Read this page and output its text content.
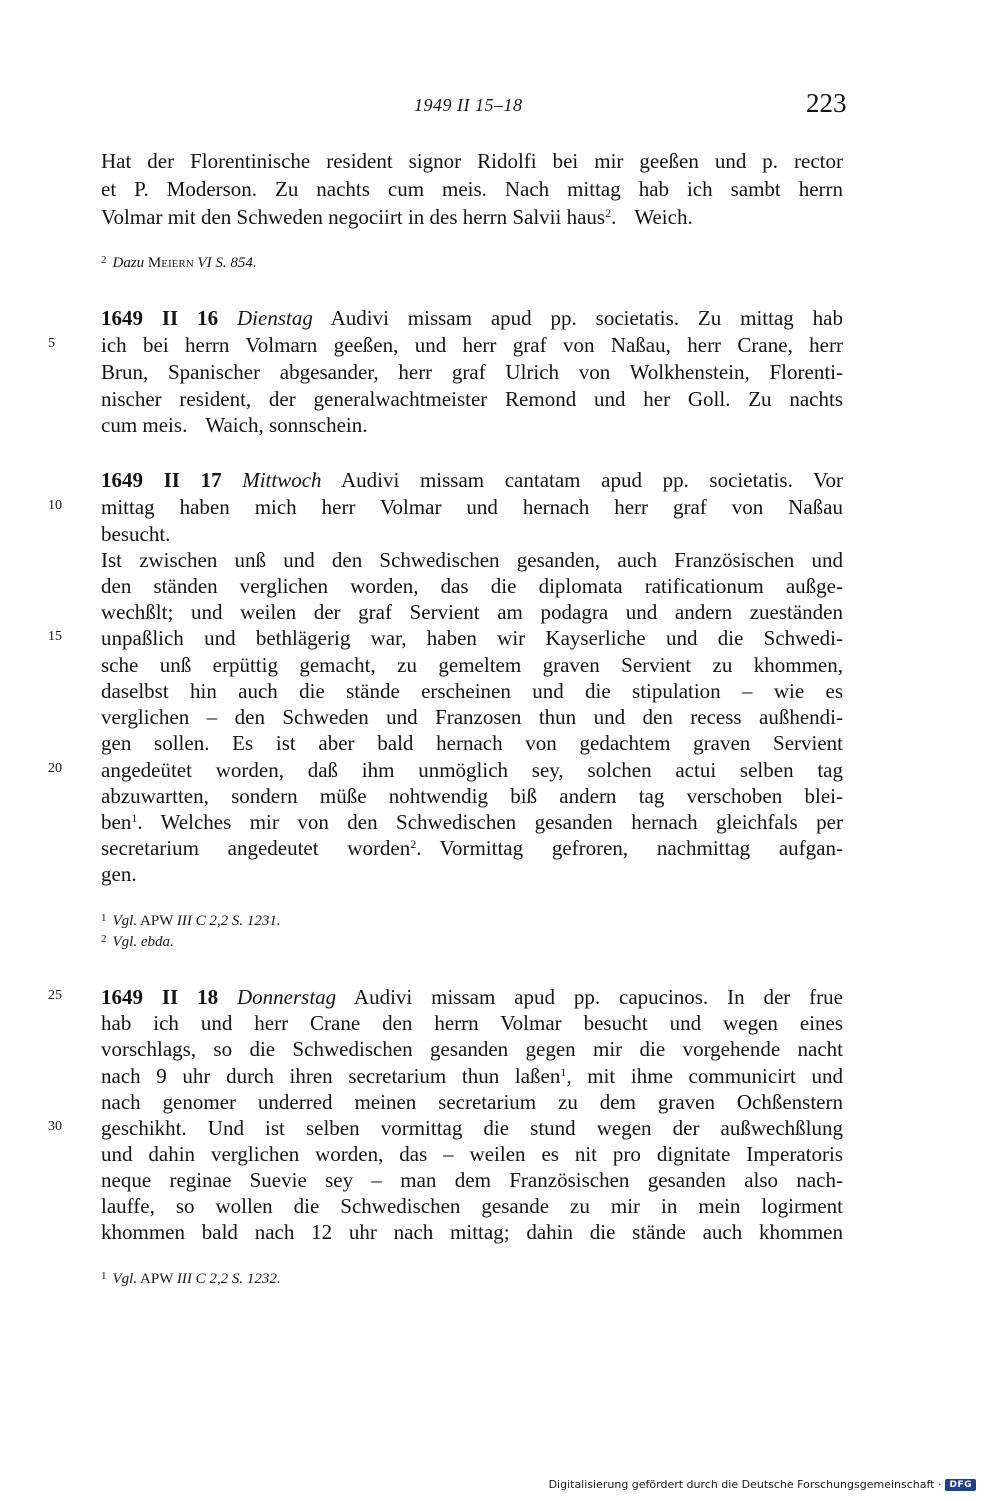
1949 II 15–18	223
Hat der Florentinische resident signor Ridolfi bei mir geeßen und p. rector
et P. Moderson. Zu nachts cum meis. Nach mittag hab ich sambt herrn
Volmar mit den Schweden negociirt in des herrn Salvii haus$^2$. Weich.
$^2$ Dazu Meiern VI S. 854.
1649 II 16 Dienstag Audivi missam apud pp. societatis. Zu mittag hab
ich bei herrn Volmarn geeßen, und herr graf von Naßau, herr Crane, herr
Brun, Spanischer abgesander, herr graf Ulrich von Wolkhenstein, Florenti-
nischer resident, der generalwachtmeister Remond und her Goll. Zu nachts
cum meis. Waich, sonnschein.
1649 II 17 Mittwoch Audivi missam cantatam apud pp. societatis. Vor
mittag haben mich herr Volmar und hernach herr graf von Naßau
besucht.
Ist zwischen unß und den Schwedischen gesanden, auch Französischen und
den ständen verglichen worden, das die diplomata ratificationum außge-
wechßlt; und weilen der graf Servient am podagra und andern zueständen
unpaßlich und bethlägerig war, haben wir Kayserliche und die Schwedi-
sche unß erpüttig gemacht, zu gemeltem graven Servient zu khommen,
daselbst hin auch die stände erscheinen und die stipulation – wie es
verglichen – den Schweden und Franzosen thun und den recess außhendi-
gen sollen. Es ist aber bald hernach von gedachtem graven Servient
angedeütet worden, daß ihm unmöglich sey, solchen actui selben tag
abzuwartten, sondern müße nohtwendig biß andern tag verschoben blei-
ben$^1$. Welches mir von den Schwedischen gesanden hernach gleichfals per
secretarium angedeutet worden$^2$. Vormittag gefroren, nachmittag aufgan-
gen.
$^1$ Vgl. APW III C 2,2 S. 1231.
$^2$ Vgl. ebda.
1649 II 18 Donnerstag Audivi missam apud pp. capucinos. In der frue
hab ich und herr Crane den herrn Volmar besucht und wegen eines
vorschlags, so die Schwedischen gesanden gegen mir die vorgehende nacht
nach 9 uhr durch ihren secretarium thun laßen$^1$, mit ihme communicirt und
nach genomer underred meinen secretarium zu dem graven Ochßenstern
geschikht. Und ist selben vormittag die stund wegen der außwechßlung
und dahin verglichen worden, das – weilen es nit pro dignitate Imperatoris
neque reginae Suevie sey – man dem Französischen gesanden also nach-
lauffe, so wollen die Schwedischen gesande zu mir in mein logirment
khommen bald nach 12 uhr nach mittag; dahin die stände auch khommen
$^1$ Vgl. APW III C 2,2 S. 1232.
5
10
15
20
25
30
Digitalisierung gefördert durch die Deutsche Forschungsgemeinschaft · DFG
